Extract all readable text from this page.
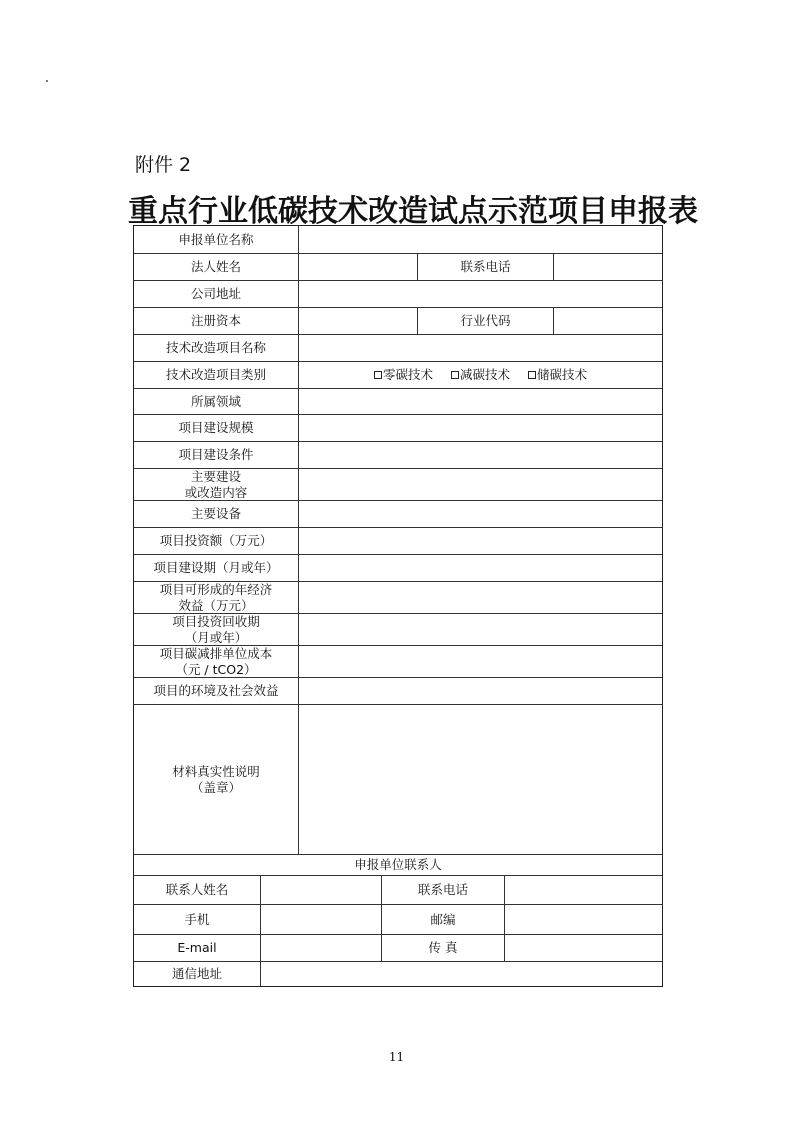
附件 2
重点行业低碳技术改造试点示范项目申报表
申报单位名称
法人姓名	联系电话
公司地址
注册资本	行业代码
技术改造项目名称
技术改造项目类别	零碳技术 减碳技术 储碳技术
所属领域
项目建设规模
项目建设条件
主要建设
或改造内容
主要设备
项目投资额（万元）
项目建设期（月或年）
项目可形成的年经济
效益（万元）
项目投资回收期
（月或年）
项目碳减排单位成本
（元 / tCO2）
项目的环境及社会效益
材料真实性说明
（盖章）
申报单位联系人
联系人姓名	联系电话
手机	邮编
E-mail	传 真
通信地址
11
